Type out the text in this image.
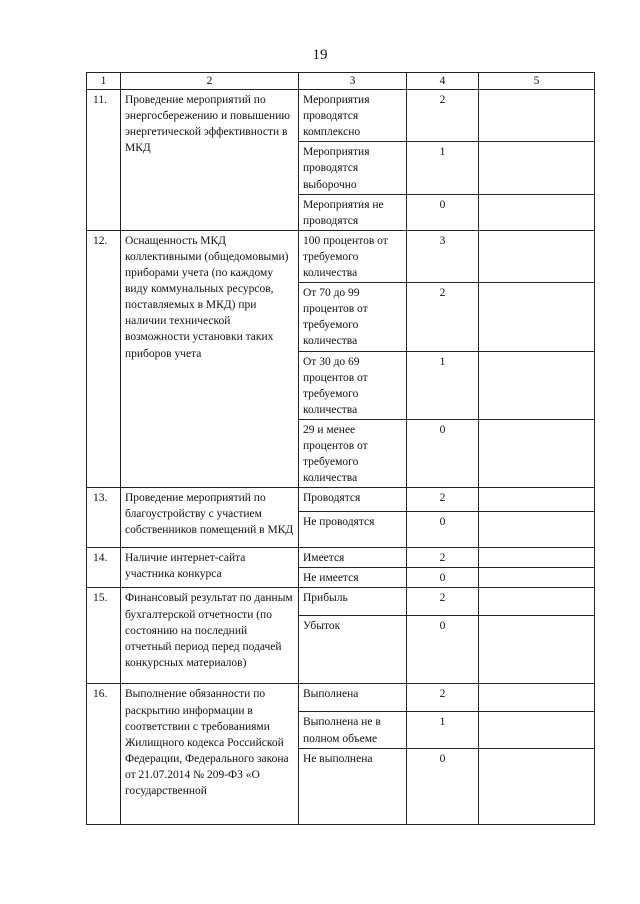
19
1	2	3	4	5
11.	Проведение мероприятий по энергосбережению и повышению энергетической эффективности в МКД	Мероприятия проводятся комплексно	2	
		Мероприятия проводятся выборочно	1	
		Мероприятия не проводятся	0	
12.	Оснащенность МКД коллективными (общедомовыми) приборами учета (по каждому виду коммунальных ресурсов, поставляемых в МКД) при наличии технической возможности установки таких приборов учета	100 процентов от требуемого количества	3	
		От 70 до 99 процентов от требуемого количества	2	
		От 30 до 69 процентов от требуемого количества	1	
		29 и менее процентов от требуемого количества	0	
13.	Проведение мероприятий по благоустройству с участием собственников помещений в МКД	Проводятся	2	
		Не проводятся	0	
14.	Наличие интернет-сайта участника конкурса	Имеется	2	
		Не имеется	0	
15.	Финансовый результат по данным бухгалтерской отчетности (по состоянию на последний отчетный период перед подачей конкурсных материалов)	Прибыль	2	
		Убыток	0	
16.	Выполнение обязанности по раскрытию информации в соответствии с требованиями Жилищного кодекса Российской Федерации, Федерального закона от 21.07.2014 № 209-ФЗ «О государственной	Выполнена	2	
		Выполнена не в полном объеме	1	
		Не выполнена	0	
